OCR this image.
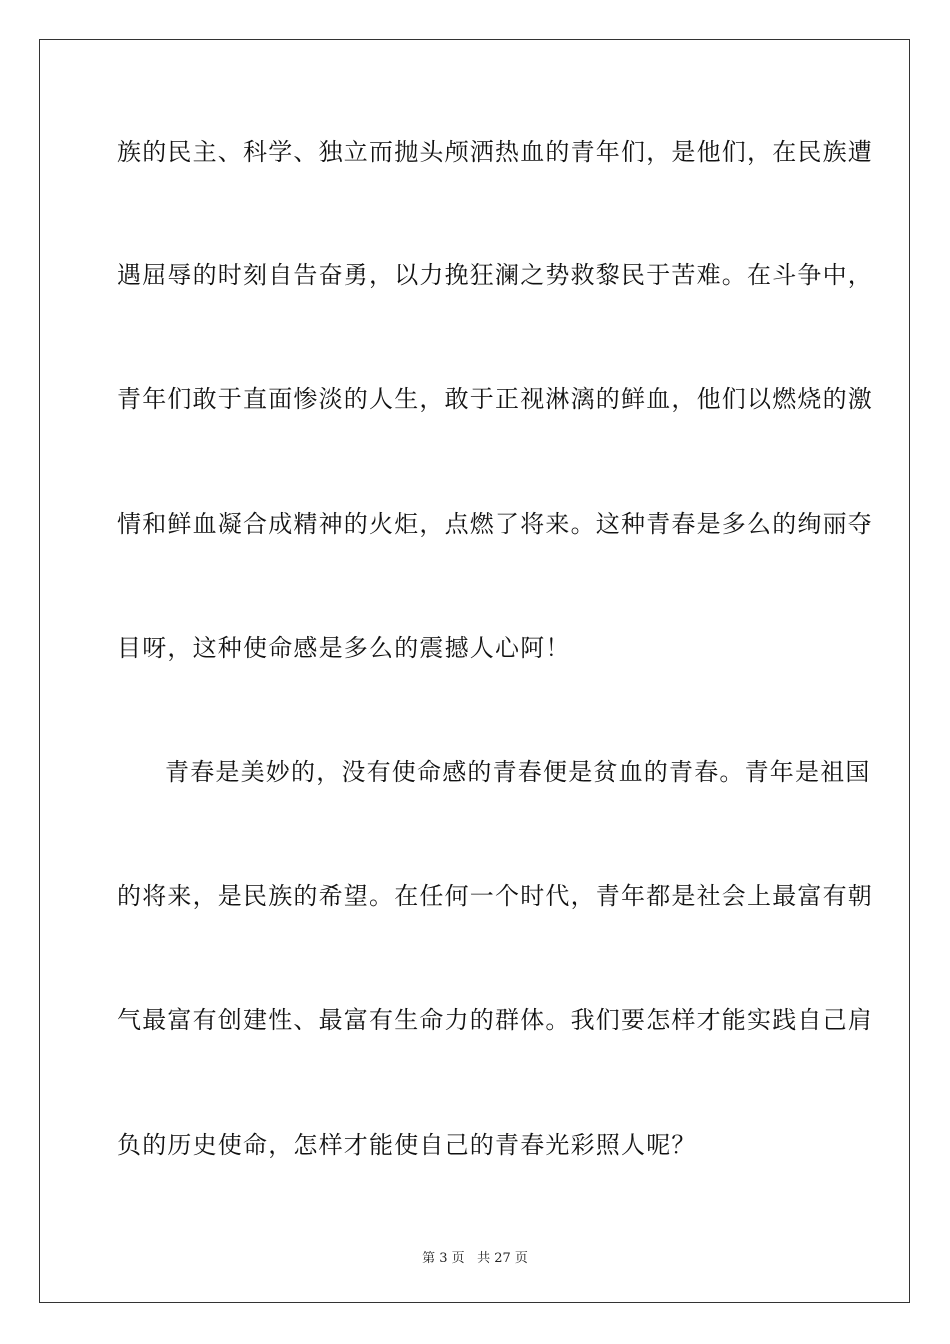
族的民主、科学、独立而抛头颅洒热血的青年们，是他们，在民族遭
遇屈辱的时刻自告奋勇，以力挽狂澜之势救黎民于苦难。在斗争中，
青年们敢于直面惨淡的人生，敢于正视淋漓的鲜血，他们以燃烧的激
情和鲜血凝合成精神的火炬，点燃了将来。这种青春是多么的绚丽夺
目呀，这种使命感是多么的震撼人心阿！
青春是美妙的，没有使命感的青春便是贫血的青春。青年是祖国
的将来，是民族的希望。在任何一个时代，青年都是社会上最富有朝
气最富有创建性、最富有生命力的群体。我们要怎样才能实践自己肩
负的历史使命，怎样才能使自己的青春光彩照人呢？
第 3 页 共 27 页
